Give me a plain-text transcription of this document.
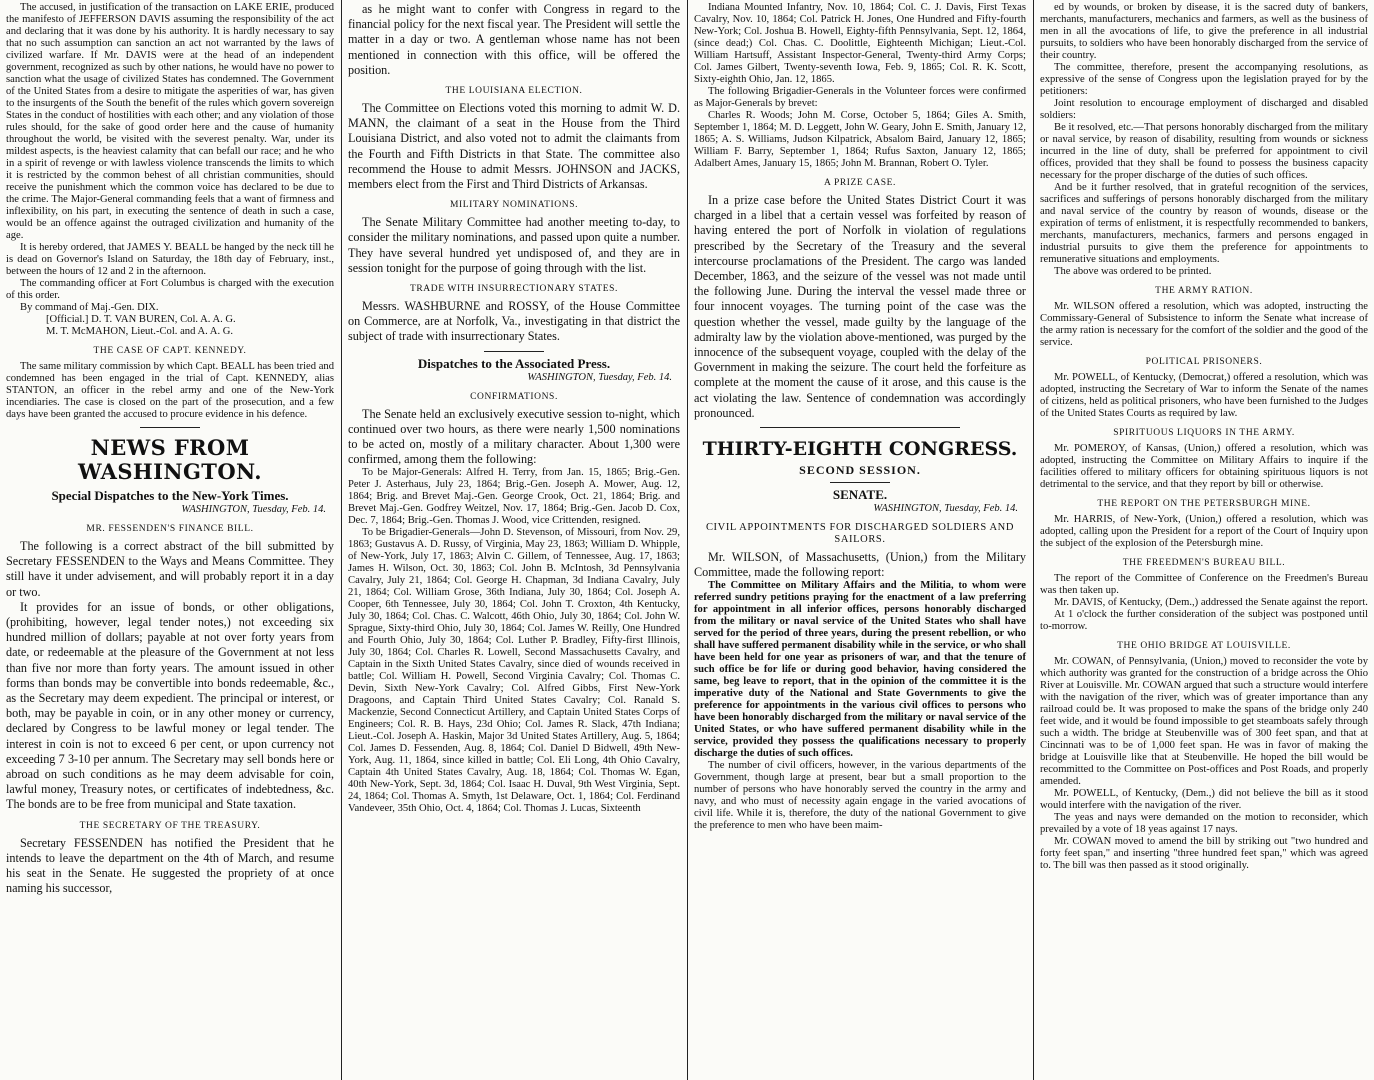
The accused, in justification of the transaction on LAKE ERIE, produced the manifesto of JEFFERSON DAVIS assuming the responsibility of the act and declaring that it was done by his authority. It is hardly necessary to say that no such assumption can sanction an act not warranted by the laws of civilized warfare. If Mr. DAVIS were at the head of an independent government, recognized as such by other nations, he would have no power to sanction what the usage of civilized States has condemned. The Government of the United States from a desire to mitigate the asperities of war, has given to the insurgents of the South the benefit of the rules which govern sovereign States in the conduct of hostilities with each other; and any violation of those rules should, for the sake of good order here and the cause of humanity throughout the world, be visited with the severest penalty. War, under its mildest aspects, is the heaviest calamity that can befall our race; and he who in a spirit of revenge or with lawless violence transcends the limits to which it is restricted by the common behest of all christian communities, should receive the punishment which the common voice has declared to be due to the crime. The Major-General commanding feels that a want of firmness and inflexibility, on his part, in executing the sentence of death in such a case, would be an offence against the outraged civilization and humanity of the age.

It is hereby ordered, that JAMES Y. BEALL be hanged by the neck till he is dead on Governor's Island on Saturday, the 18th day of February, inst., between the hours of 12 and 2 in the afternoon.

The commanding officer at Fort Columbus is charged with the execution of this order.

By command of Maj.-Gen. DIX.

[Official.] D. T. VAN BUREN, Col. A. A. G.

M. T. McMAHON, Lieut.-Col. and A. A. G.

THE CASE OF CAPT. KENNEDY.

The same military commission by which Capt. BEALL has been tried and condemned has been engaged in the trial of Capt. KENNEDY, alias STANTON, an officer in the rebel army and one of the New-York incendiaries. The case is closed on the part of the prosecution, and a few days have been granted the accused to procure evidence in his defence.

NEWS FROM WASHINGTON.
Special Dispatches to the New-York Times.
WASHINGTON, Tuesday, Feb. 14.
MR. FESSENDEN'S FINANCE BILL.

The following is a correct abstract of the bill submitted by Secretary FESSENDEN to the Ways and Means Committee. They still have it under advisement, and will probably report it in a day or two.

It provides for an issue of bonds, or other obligations, (prohibiting, however, legal tender notes,) not exceeding six hundred million of dollars; payable at not over forty years from date, or redeemable at the pleasure of the Government at not less than five nor more than forty years. The amount issued in other forms than bonds may be convertible into bonds redeemable, &c., as the Secretary may deem expedient. The principal or interest, or both, may be payable in coin, or in any other money or currency, declared by Congress to be lawful money or legal tender. The interest in coin is not to exceed 6 per cent, or upon currency not exceeding 7 3-10 per annum. The Secretary may sell bonds here or abroad on such conditions as he may deem advisable for coin, lawful money, Treasury notes, or certificates of indebtedness, &c. The bonds are to be free from municipal and State taxation.

THE SECRETARY OF THE TREASURY.

Secretary FESSENDEN has notified the President that he intends to leave the department on the 4th of March, and resume his seat in the Senate. He suggested the propriety of at once naming his successor,

as he might want to confer with Congress in regard to the financial policy for the next fiscal year. The President will settle the matter in a day or two. A gentleman whose name has not been mentioned in connection with this office, will be offered the position.

THE LOUISIANA ELECTION.

The Committee on Elections voted this morning to admit W. D. MANN, the claimant of a seat in the House from the Third Louisiana District, and also voted not to admit the claimants from the Fourth and Fifth Districts in that State. The committee also recommend the House to admit Messrs. JOHNSON and JACKS, members elect from the First and Third Districts of Arkansas.

MILITARY NOMINATIONS.

The Senate Military Committee had another meeting to-day, to consider the military nominations, and passed upon quite a number. They have several hundred yet undisposed of, and they are in session tonight for the purpose of going through with the list.

TRADE WITH INSURRECTIONARY STATES.

Messrs. WASHBURNE and ROSSY, of the House Committee on Commerce, are at Norfolk, Va., investigating in that district the subject of trade with insurrectionary States.

Dispatches to the Associated Press.
WASHINGTON, Tuesday, Feb. 14.
CONFIRMATIONS.

The Senate held an exclusively executive session to-night, which continued over two hours, as there were nearly 1,500 nominations to be acted on, mostly of a military character. About 1,300 were confirmed, among them the following:

To be Major-Generals: Alfred H. Terry, from Jan. 15, 1865; Brig.-Gen. Peter J. Asterhaus, July 23, 1864; Brig.-Gen. Joseph A. Mower, Aug. 12, 1864; Brig. and Brevet Maj.-Gen. George Crook, Oct. 21, 1864; Brig. and Brevet Maj.-Gen. Godfrey Weitzel, Nov. 17, 1864; Brig.-Gen. Jacob D. Cox, Dec. 7, 1864; Brig.-Gen. Thomas J. Wood, vice Crittenden, resigned.

To be Brigadier-Generals—John D. Stevenson, of Missouri, from Nov. 29, 1863; Gustavus A. D. Russy, of Virginia, May 23, 1863; William D. Whipple, of New-York, July 17, 1863; Alvin C. Gillem, of Tennessee, Aug. 17, 1863; James H. Wilson, Oct. 30, 1863; Col. John B. McIntosh, 3d Pennsylvania Cavalry, July 21, 1864; Col. George H. Chapman, 3d Indiana Cavalry, July 21, 1864; Col. William Grose, 36th Indiana, July 30, 1864; Col. Joseph A. Cooper, 6th Tennessee, July 30, 1864; Col. John T. Croxton, 4th Kentucky, July 30, 1864; Col. Chas. C. Walcott, 46th Ohio, July 30, 1864; Col. John W. Sprague, Sixty-third Ohio, July 30, 1864; Col. James W. Reilly, One Hundred and Fourth Ohio, July 30, 1864; Col. Luther P. Bradley, Fifty-first Illinois, July 30, 1864; Col. Charles R. Lowell, Second Massachusetts Cavalry, and Captain in the Sixth United States Cavalry, since died of wounds received in battle; Col. William H. Powell, Second Virginia Cavalry; Col. Thomas C. Devin, Sixth New-York Cavalry; Col. Alfred Gibbs, First New-York Dragoons, and Captain Third United States Cavalry; Col. Ranald S. Mackenzie, Second Connecticut Artillery, and Captain United States Corps of Engineers; Col. R. B. Hays, 23d Ohio; Col. James R. Slack, 47th Indiana; Lieut.-Col. Joseph A. Haskin, Major 3d United States Artillery, Aug. 5, 1864; Col. James D. Fessenden, Aug. 8, 1864; Col. Daniel D Bidwell, 49th New-York, Aug. 11, 1864, since killed in battle; Col. Eli Long, 4th Ohio Cavalry, Captain 4th United States Cavalry, Aug. 18, 1864; Col. Thomas W. Egan, 40th New-York, Sept. 3d, 1864; Col. Isaac H. Duval, 9th West Virginia, Sept. 24, 1864; Col. Thomas A. Smyth, 1st Delaware, Oct. 1, 1864; Col. Ferdinand Vandeveer, 35th Ohio, Oct. 4, 1864; Col. Thomas J. Lucas, Sixteenth

Indiana Mounted Infantry, Nov. 10, 1864; Col. C. J. Davis, First Texas Cavalry, Nov. 10, 1864; Col. Patrick H. Jones, One Hundred and Fifty-fourth New-York; Col. Joshua B. Howell, Eighty-fifth Pennsylvania, Sept. 12, 1864, (since dead;) Col. Chas. C. Doolittle, Eighteenth Michigan; Lieut.-Col. William Hartsuff, Assistant Inspector-General, Twenty-third Army Corps; Col. James Gilbert, Twenty-seventh Iowa, Feb. 9, 1865; Col. R. K. Scott, Sixty-eighth Ohio, Jan. 12, 1865.

The following Brigadier-Generals in the Volunteer forces were confirmed as Major-Generals by brevet:

Charles R. Woods; John M. Corse, October 5, 1864; Giles A. Smith, September 1, 1864; M. D. Leggett, John W. Geary, John E. Smith, January 12, 1865; A. S. Williams, Judson Kilpatrick, Absalom Baird, January 12, 1865; William F. Barry, September 1, 1864; Rufus Saxton, January 12, 1865; Adalbert Ames, January 15, 1865; John M. Brannan, Robert O. Tyler.

A PRIZE CASE.

In a prize case before the United States District Court it was charged in a libel that a certain vessel was forfeited by reason of having entered the port of Norfolk in violation of regulations prescribed by the Secretary of the Treasury and the several intercourse proclamations of the President. The cargo was landed December, 1863, and the seizure of the vessel was not made until the following June. During the interval the vessel made three or four innocent voyages. The turning point of the case was the question whether the vessel, made guilty by the language of the admiralty law by the violation above-mentioned, was purged by the innocence of the subsequent voyage, coupled with the delay of the Government in making the seizure. The court held the forfeiture as complete at the moment the cause of it arose, and this cause is the act violating the law. Sentence of condemnation was accordingly pronounced.

THIRTY-EIGHTH CONGRESS.
SECOND SESSION.
SENATE.
WASHINGTON, Tuesday, Feb. 14.
CIVIL APPOINTMENTS FOR DISCHARGED SOLDIERS AND SAILORS.

Mr. WILSON, of Massachusetts, (Union,) from the Military Committee, made the following report:

The Committee on Military Affairs and the Militia, to whom were referred sundry petitions praying for the enactment of a law preferring for appointment in all inferior offices, persons honorably discharged from the military or naval service of the United States who shall have served for the period of three years, during the present rebellion, or who shall have suffered permanent disability while in the service, or who shall have been held for one year as prisoners of war, and that the tenure of such office be for life or during good behavior, having considered the same, beg leave to report, that in the opinion of the committee it is the imperative duty of the National and State Governments to give the preference for appointments in the various civil offices to persons who have been honorably discharged from the military or naval service of the United States, or who have suffered permanent disability while in the service, provided they possess the qualifications necessary to properly discharge the duties of such offices.

The number of civil officers, however, in the various departments of the Government, though large at present, bear but a small proportion to the number of persons who have honorably served the country in the army and navy, and who must of necessity again engage in the varied avocations of civil life. While it is, therefore, the duty of the national Government to give the preference to men who have been maim-

ed by wounds, or broken by disease, it is the sacred duty of bankers, merchants, manufacturers, mechanics and farmers, as well as the business of men in all the avocations of life, to give the preference in all industrial pursuits, to soldiers who have been honorably discharged from the service of their country.

The committee, therefore, present the accompanying resolutions, as expressive of the sense of Congress upon the legislation prayed for by the petitioners:

Joint resolution to encourage employment of discharged and disabled soldiers:

Be it resolved, etc.—That persons honorably discharged from the military or naval service, by reason of disability, resulting from wounds or sickness incurred in the line of duty, shall be preferred for appointment to civil offices, provided that they shall be found to possess the business capacity necessary for the proper discharge of the duties of such offices.

And be it further resolved, that in grateful recognition of the services, sacrifices and sufferings of persons honorably discharged from the military and naval service of the country by reason of wounds, disease or the expiration of terms of enlistment, it is respectfully recommended to bankers, merchants, manufacturers, mechanics, farmers and persons engaged in industrial pursuits to give them the preference for appointments to remunerative situations and employments.

The above was ordered to be printed.

THE ARMY RATION.

Mr. WILSON offered a resolution, which was adopted, instructing the Commissary-General of Subsistence to inform the Senate what increase of the army ration is necessary for the comfort of the soldier and the good of the service.

POLITICAL PRISONERS.

Mr. POWELL, of Kentucky, (Democrat,) offered a resolution, which was adopted, instructing the Secretary of War to inform the Senate of the names of citizens, held as political prisoners, who have been furnished to the Judges of the United States Courts as required by law.

SPIRITUOUS LIQUORS IN THE ARMY.

Mr. POMEROY, of Kansas, (Union,) offered a resolution, which was adopted, instructing the Committee on Military Affairs to inquire if the facilities offered to military officers for obtaining spirituous liquors is not detrimental to the service, and that they report by bill or otherwise.

THE REPORT ON THE PETERSBURGH MINE.

Mr. HARRIS, of New-York, (Union,) offered a resolution, which was adopted, calling upon the President for a report of the Court of Inquiry upon the subject of the explosion of the Petersburgh mine.

THE FREEDMEN'S BUREAU BILL.

The report of the Committee of Conference on the Freedmen's Bureau was then taken up.

Mr. DAVIS, of Kentucky, (Dem.,) addressed the Senate against the report.

At 1 o'clock the further consideration of the subject was postponed until to-morrow.

THE OHIO BRIDGE AT LOUISVILLE.

Mr. COWAN, of Pennsylvania, (Union,) moved to reconsider the vote by which authority was granted for the construction of a bridge across the Ohio River at Louisville. Mr. COWAN argued that such a structure would interfere with the navigation of the river, which was of greater importance than any railroad could be. It was proposed to make the spans of the bridge only 240 feet wide, and it would be found impossible to get steamboats safely through such a width. The bridge at Steubenville was of 300 feet span, and that at Cincinnati was to be of 1,000 feet span. He was in favor of making the bridge at Louisville like that at Steubenville. He hoped the bill would be recommitted to the Committee on Post-offices and Post Roads, and properly amended.

Mr. POWELL, of Kentucky, (Dem.,) did not believe the bill as it stood would interfere with the navigation of the river.

The yeas and nays were demanded on the motion to reconsider, which prevailed by a vote of 18 yeas against 17 nays.

Mr. COWAN moved to amend the bill by striking out "two hundred and forty feet span," and inserting "three hundred feet span," which was agreed to. The bill was then passed as it stood originally.
